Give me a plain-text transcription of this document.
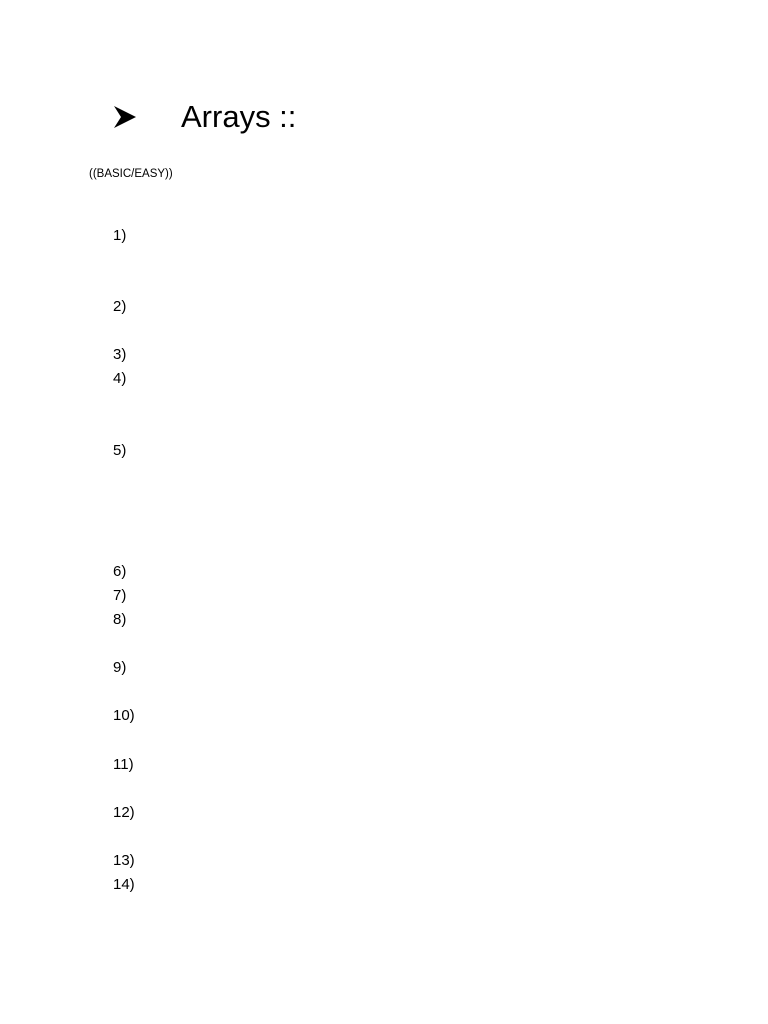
Arrays ::
((BASIC/EASY))
1)
2)
3)
4)
5)
6)
7)
8)
9)
10)
11)
12)
13)
14)
